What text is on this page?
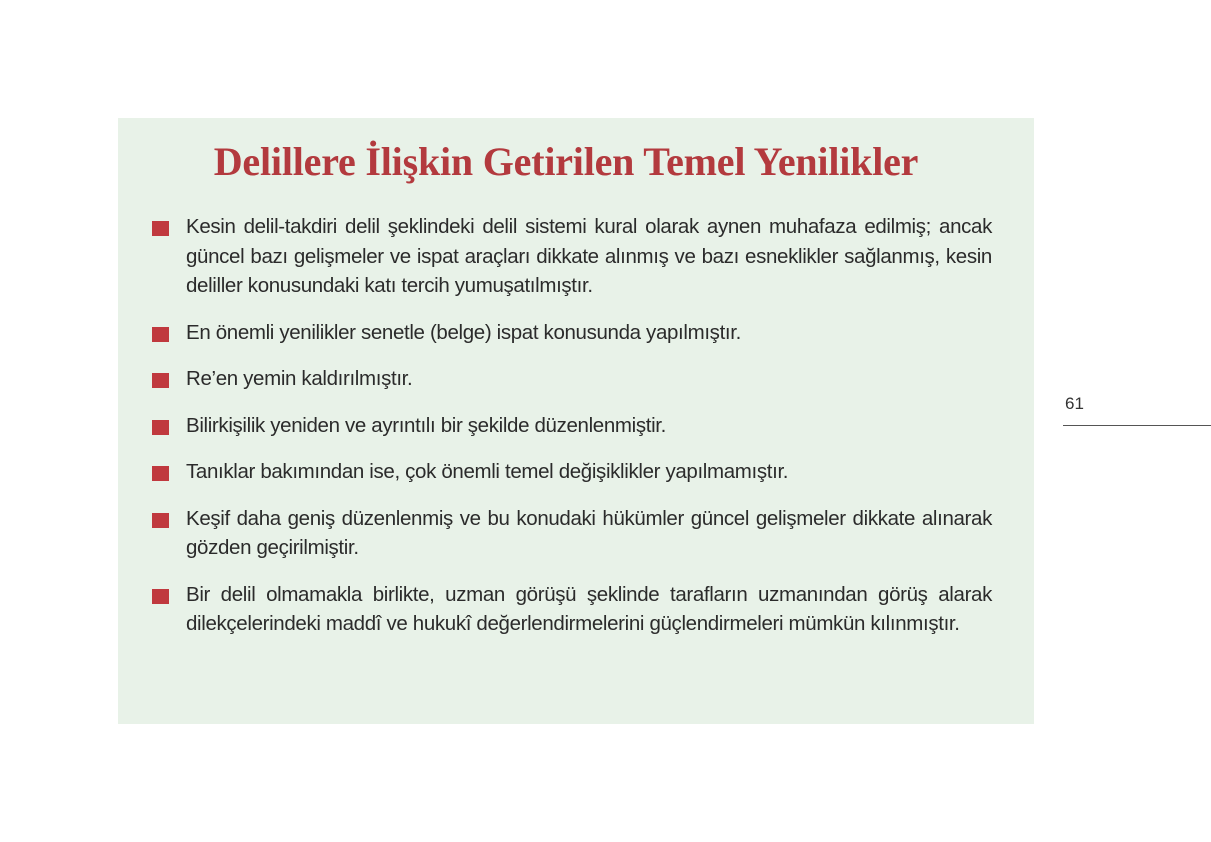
Delillere İlişkin Getirilen Temel Yenilikler
Kesin delil-takdiri delil şeklindeki delil sistemi kural olarak aynen muhafaza edilmiş; ancak güncel bazı gelişmeler ve ispat araçları dikkate alınmış ve bazı esneklikler sağlanmış, kesin deliller konusundaki katı tercih yumuşatılmıştır.
En önemli yenilikler senetle (belge) ispat konusunda yapılmıştır.
Re’en yemin kaldırılmıştır.
Bilirkişilik yeniden ve ayrıntılı bir şekilde düzenlenmiştir.
Tanıklar bakımından ise, çok önemli temel değişiklikler yapılmamıştır.
Keşif daha geniş düzenlenmiş ve bu konudaki hükümler güncel gelişmeler dikkate alınarak gözden geçirilmiştir.
Bir delil olmamakla birlikte, uzman görüşü şeklinde tarafların uzmanından görüş alarak dilekçelerindeki maddî ve hukukî değerlendirmelerini güçlendirmeleri mümkün kılınmıştır.
61
